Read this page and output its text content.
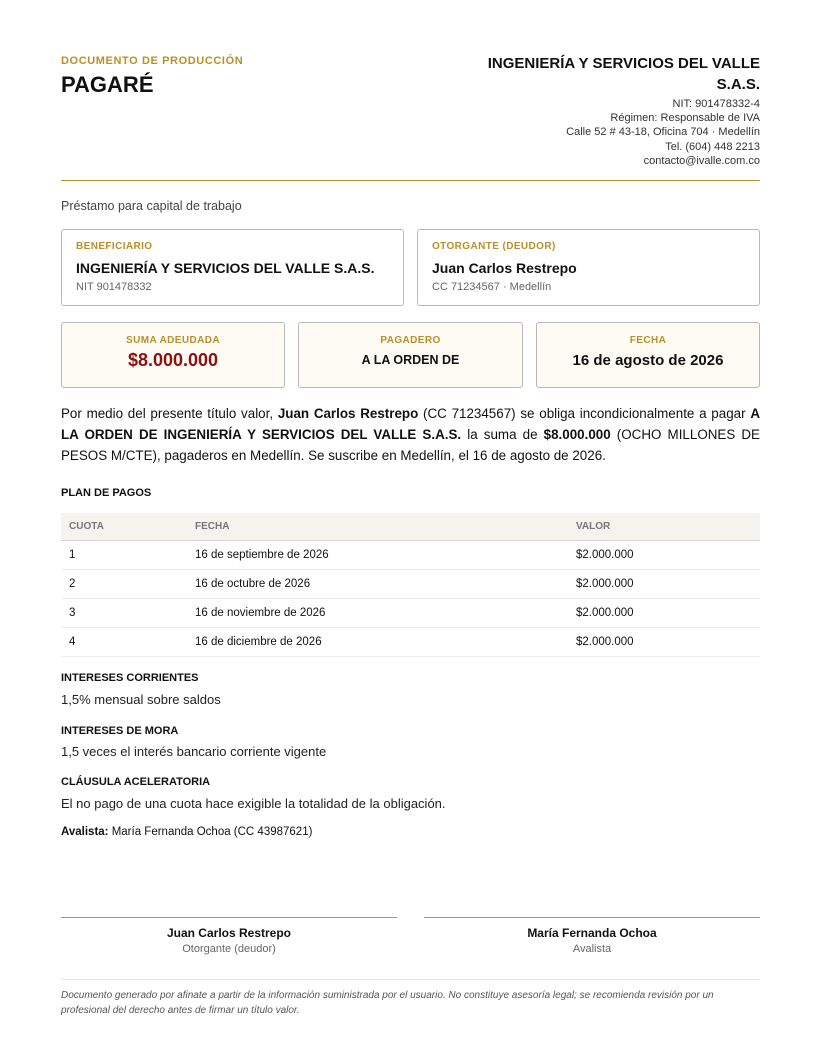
DOCUMENTO DE PRODUCCIÓN
PAGARÉ
INGENIERÍA Y SERVICIOS DEL VALLE S.A.S.
NIT: 901478332-4
Régimen: Responsable de IVA
Calle 52 # 43-18, Oficina 704 · Medellín
Tel. (604) 448 2213
contacto@ivalle.com.co
Préstamo para capital de trabajo
BENEFICIARIO
INGENIERÍA Y SERVICIOS DEL VALLE S.A.S.
NIT 901478332
OTORGANTE (DEUDOR)
Juan Carlos Restrepo
CC 71234567 · Medellín
SUMA ADEUDADA
$8.000.000
PAGADERO
A LA ORDEN DE
FECHA
16 de agosto de 2026
Por medio del presente título valor, Juan Carlos Restrepo (CC 71234567) se obliga incondicionalmente a pagar A LA ORDEN DE INGENIERÍA Y SERVICIOS DEL VALLE S.A.S. la suma de $8.000.000 (OCHO MILLONES DE PESOS M/CTE), pagaderos en Medellín. Se suscribe en Medellín, el 16 de agosto de 2026.
PLAN DE PAGOS
CUOTA	FECHA	VALOR
1	16 de septiembre de 2026	$2.000.000
2	16 de octubre de 2026	$2.000.000
3	16 de noviembre de 2026	$2.000.000
4	16 de diciembre de 2026	$2.000.000
INTERESES CORRIENTES
1,5% mensual sobre saldos
INTERESES DE MORA
1,5 veces el interés bancario corriente vigente
CLÁUSULA ACELERATORIA
El no pago de una cuota hace exigible la totalidad de la obligación.
Avalista: María Fernanda Ochoa (CC 43987621)
Juan Carlos Restrepo
Otorgante (deudor)
María Fernanda Ochoa
Avalista
Documento generado por afinate a partir de la información suministrada por el usuario. No constituye asesoría legal; se recomienda revisión por un profesional del derecho antes de firmar un título valor.
